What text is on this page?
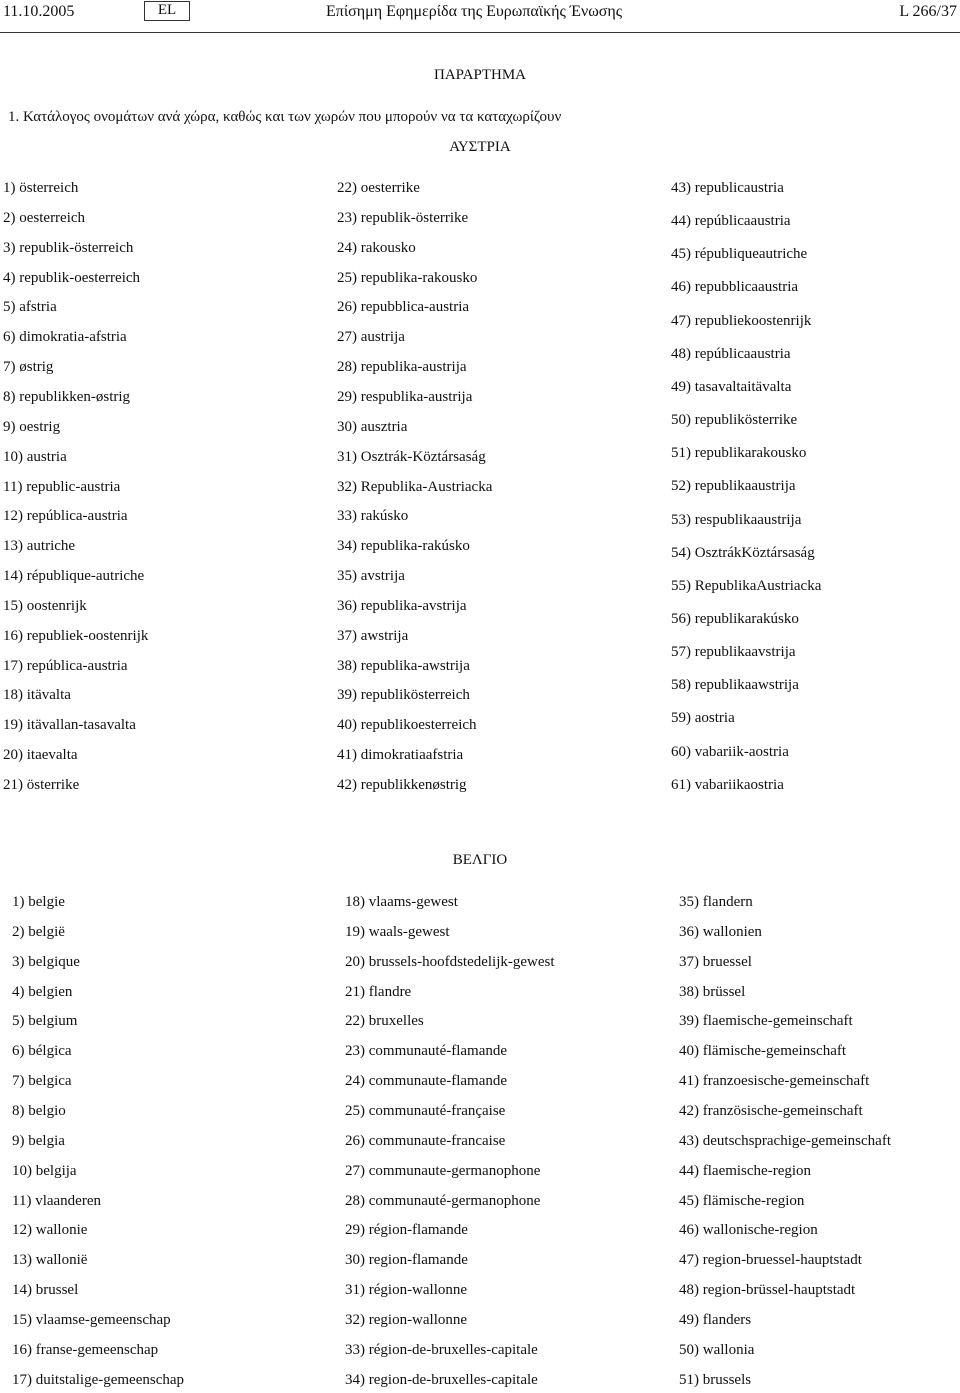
11.10.2005	EL	Επίσημη Εφημερίδα της Ευρωπαϊκής Ένωσης	L 266/37
ΠΑΡΑΡΤΗΜΑ
1. Κατάλογος ονομάτων ανά χώρα, καθώς και των χωρών που μπορούν να τα καταχωρίζουν
ΑΥΣΤΡΙΑ
ΒΕΛΓΙΟ
1) österreich
2) oesterreich
3) republik-österreich
4) republik-oesterreich
5) afstria
6) dimokratia-afstria
7) østrig
8) republikken-østrig
9) oestrig
10) austria
11) republic-austria
12) república-austria
13) autriche
14) république-autriche
15) oostenrijk
16) republiek-oostenrijk
17) república-austria
18) itävalta
19) itävallan-tasavalta
20) itaevalta
21) österrike
22) oesterrike
23) republik-österrike
24) rakousko
25) republika-rakousko
26) repubblica-austria
27) austrija
28) republika-austrija
29) respublika-austrija
30) ausztria
31) Osztrák-Köztársaság
32) Republika-Austriacka
33) rakúsko
34) republika-rakúsko
35) avstrija
36) republika-avstrija
37) awstrija
38) republika-awstrija
39) republikösterreich
40) republikoesterreich
41) dimokratiaafstria
42) republikkenøstrig
43) republicaustria
44) repúblicaaustria
45) républiqueautriche
46) repubblicaaustria
47) republiekoostenrijk
48) repúblicaaustria
49) tasavaltaitävalta
50) republikösterrike
51) republikarakousko
52) republikaaustrija
53) respublikaaustrija
54) OsztrákKöztársaság
55) RepublikaAustriacka
56) republikarakúsko
57) republikaavstrija
58) republikaawstrija
59) aostria
60) vabariik-aostria
61) vabariikaostria
1) belgie
2) belgië
3) belgique
4) belgien
5) belgium
6) bélgica
7) belgica
8) belgio
9) belgia
10) belgija
11) vlaanderen
12) wallonie
13) wallonië
14) brussel
15) vlaamse-gemeenschap
16) franse-gemeenschap
17) duitstalige-gemeenschap
18) vlaams-gewest
19) waals-gewest
20) brussels-hoofdstedelijk-gewest
21) flandre
22) bruxelles
23) communauté-flamande
24) communaute-flamande
25) communauté-française
26) communaute-francaise
27) communaute-germanophone
28) communauté-germanophone
29) région-flamande
30) region-flamande
31) région-wallonne
32) region-wallonne
33) région-de-bruxelles-capitale
34) region-de-bruxelles-capitale
35) flandern
36) wallonien
37) bruessel
38) brüssel
39) flaemische-gemeinschaft
40) flämische-gemeinschaft
41) franzoesische-gemeinschaft
42) französische-gemeinschaft
43) deutschsprachige-gemeinschaft
44) flaemische-region
45) flämische-region
46) wallonische-region
47) region-bruessel-hauptstadt
48) region-brüssel-hauptstadt
49) flanders
50) wallonia
51) brussels
